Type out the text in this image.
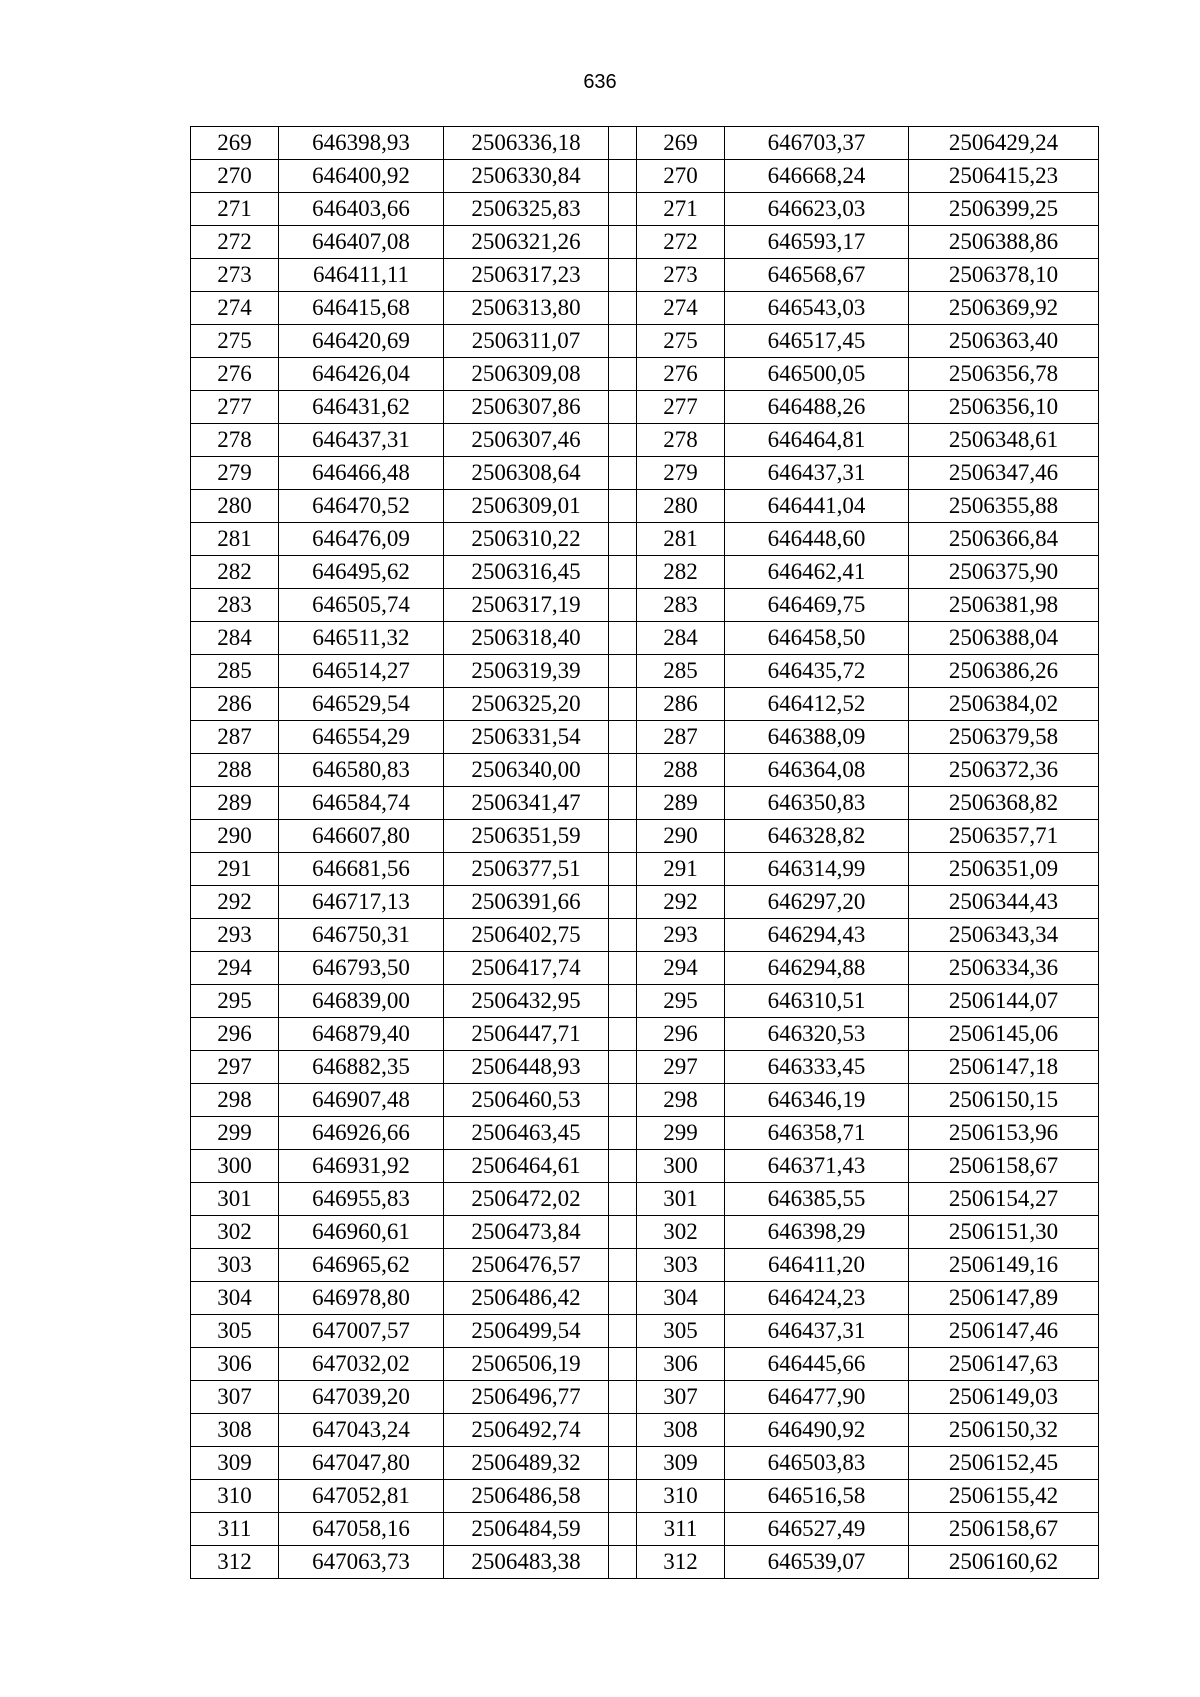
636
269	646398,93	2506336,18		269	646703,37	2506429,24
270	646400,92	2506330,84		270	646668,24	2506415,23
271	646403,66	2506325,83		271	646623,03	2506399,25
272	646407,08	2506321,26		272	646593,17	2506388,86
273	646411,11	2506317,23		273	646568,67	2506378,10
274	646415,68	2506313,80		274	646543,03	2506369,92
275	646420,69	2506311,07		275	646517,45	2506363,40
276	646426,04	2506309,08		276	646500,05	2506356,78
277	646431,62	2506307,86		277	646488,26	2506356,10
278	646437,31	2506307,46		278	646464,81	2506348,61
279	646466,48	2506308,64		279	646437,31	2506347,46
280	646470,52	2506309,01		280	646441,04	2506355,88
281	646476,09	2506310,22		281	646448,60	2506366,84
282	646495,62	2506316,45		282	646462,41	2506375,90
283	646505,74	2506317,19		283	646469,75	2506381,98
284	646511,32	2506318,40		284	646458,50	2506388,04
285	646514,27	2506319,39		285	646435,72	2506386,26
286	646529,54	2506325,20		286	646412,52	2506384,02
287	646554,29	2506331,54		287	646388,09	2506379,58
288	646580,83	2506340,00		288	646364,08	2506372,36
289	646584,74	2506341,47		289	646350,83	2506368,82
290	646607,80	2506351,59		290	646328,82	2506357,71
291	646681,56	2506377,51		291	646314,99	2506351,09
292	646717,13	2506391,66		292	646297,20	2506344,43
293	646750,31	2506402,75		293	646294,43	2506343,34
294	646793,50	2506417,74		294	646294,88	2506334,36
295	646839,00	2506432,95		295	646310,51	2506144,07
296	646879,40	2506447,71		296	646320,53	2506145,06
297	646882,35	2506448,93		297	646333,45	2506147,18
298	646907,48	2506460,53		298	646346,19	2506150,15
299	646926,66	2506463,45		299	646358,71	2506153,96
300	646931,92	2506464,61		300	646371,43	2506158,67
301	646955,83	2506472,02		301	646385,55	2506154,27
302	646960,61	2506473,84		302	646398,29	2506151,30
303	646965,62	2506476,57		303	646411,20	2506149,16
304	646978,80	2506486,42		304	646424,23	2506147,89
305	647007,57	2506499,54		305	646437,31	2506147,46
306	647032,02	2506506,19		306	646445,66	2506147,63
307	647039,20	2506496,77		307	646477,90	2506149,03
308	647043,24	2506492,74		308	646490,92	2506150,32
309	647047,80	2506489,32		309	646503,83	2506152,45
310	647052,81	2506486,58		310	646516,58	2506155,42
311	647058,16	2506484,59		311	646527,49	2506158,67
312	647063,73	2506483,38		312	646539,07	2506160,62
